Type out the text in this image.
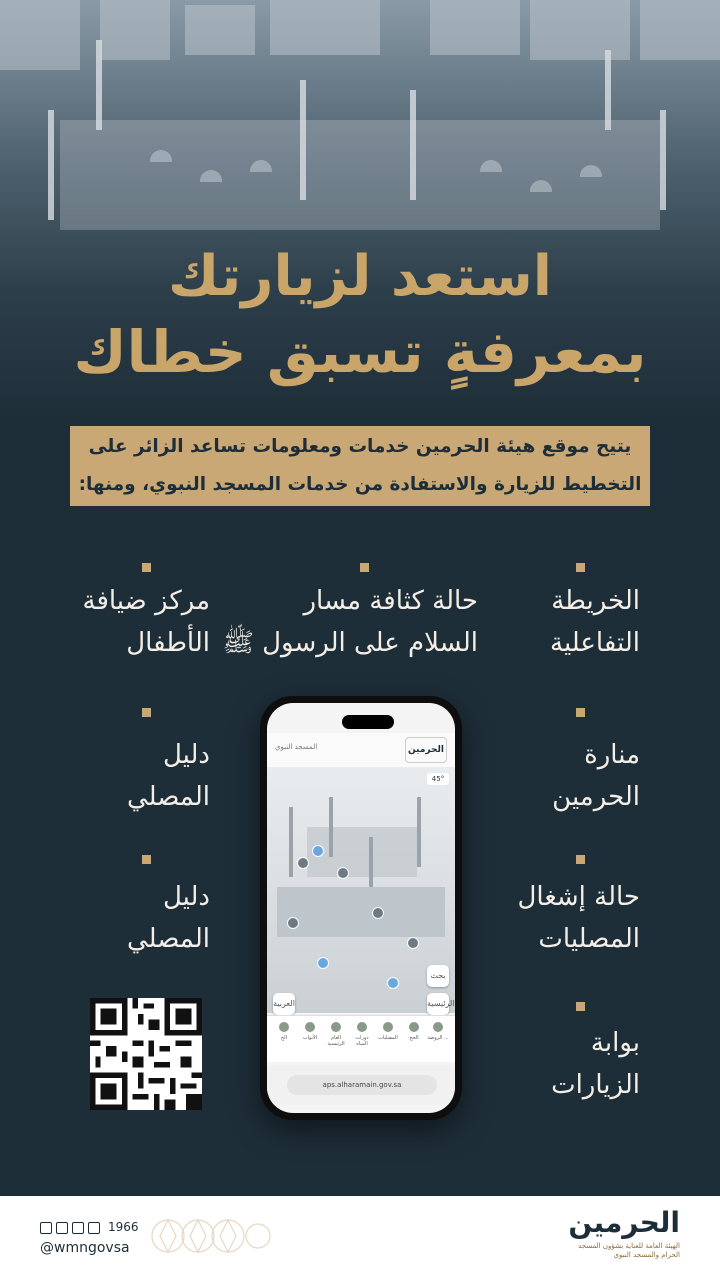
استعد لزيارتك
بمعرفةٍ تسبق خطاك
يتيح موقع هيئة الحرمين خدمات ومعلومات تساعد الزائر على
التخطيط للزيارة والاستفادة من خدمات المسجد النبوي، ومنها:
الخريطة
التفاعلية
حالة كثافة مسار
السلام على الرسول ﷺ
مركز ضيافة
الأطفال
منارة
الحرمين
دليل
المصلي
حالة إشغال
المصليات
دليل
المصلي
بوابة
الزيارات
الحرمين
المسجد النبوي
45°
بحث
الرئيسية
العربية
الروضة ...
الحج
المصليات
دورات المياه
العام الرئيسية
الأبواب
الخ
aps.alharamain.gov.sa
الحرمين
الهيئة العامة للعناية بشؤون المسجد الحرام والمسجد النبوي
1966
@wmngovsa
